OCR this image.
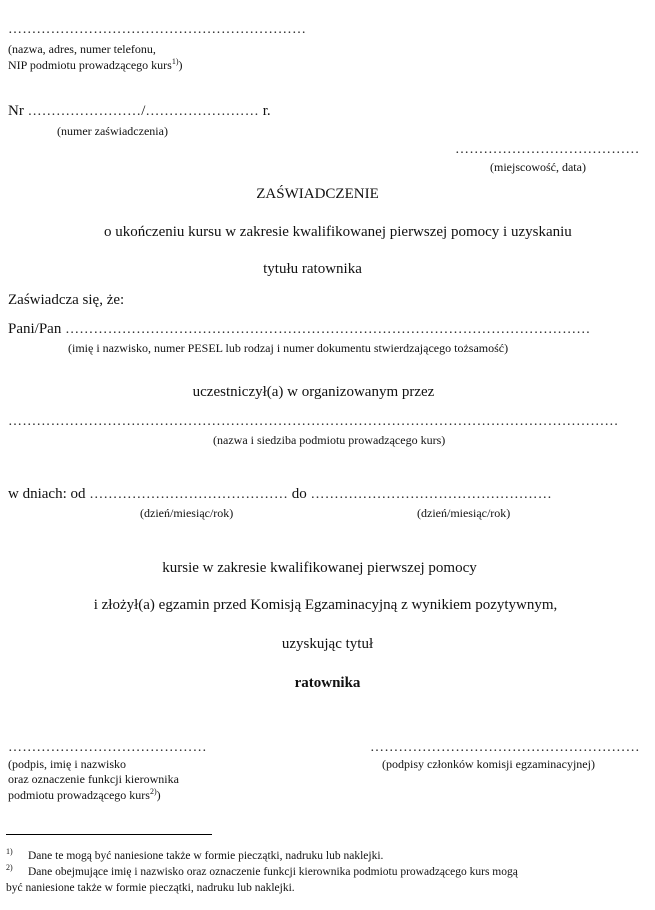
………………………………………………………
(nazwa, adres, numer telefonu,
NIP podmiotu prowadzącego kurs$^{1)}$)
Nr ……………………/…………………… r.
(numer zaświadczenia)
…………………………………
(miejscowość, data)
ZAŚWIADCZENIE
o ukończeniu kursu w zakresie kwalifikowanej pierwszej pomocy i uzyskaniu
tytułu ratownika
Zaświadcza się, że:
Pani/Pan …………………………………………………………………………………………………
(imię i nazwisko, numer PESEL lub rodzaj i numer dokumentu stwierdzającego tożsamość)
uczestniczył(a) w organizowanym przez
…………………………………………………………………………………………………………………
(nazwa i siedziba podmiotu prowadzącego kurs)
w dniach: od …………………………………… do ……………………………………………
(dzień/miesiąc/rok)	(dzień/miesiąc/rok)
kursie w zakresie kwalifikowanej pierwszej pomocy
i złożył(a) egzamin przed Komisją Egzaminacyjną z wynikiem pozytywnym,
uzyskując tytuł
ratownika
……………………………………
(podpis, imię i nazwisko
oraz oznaczenie funkcji kierownika
podmiotu prowadzącego kurs$^{2)}$)
…………………………………………………
(podpisy członków komisji egzaminacyjnej)
$^{1)}$ Dane te mogą być naniesione także w formie pieczątki, nadruku lub naklejki.
$^{2)}$ Dane obejmujące imię i nazwisko oraz oznaczenie funkcji kierownika podmiotu prowadzącego kurs mogą
być naniesione także w formie pieczątki, nadruku lub naklejki.
